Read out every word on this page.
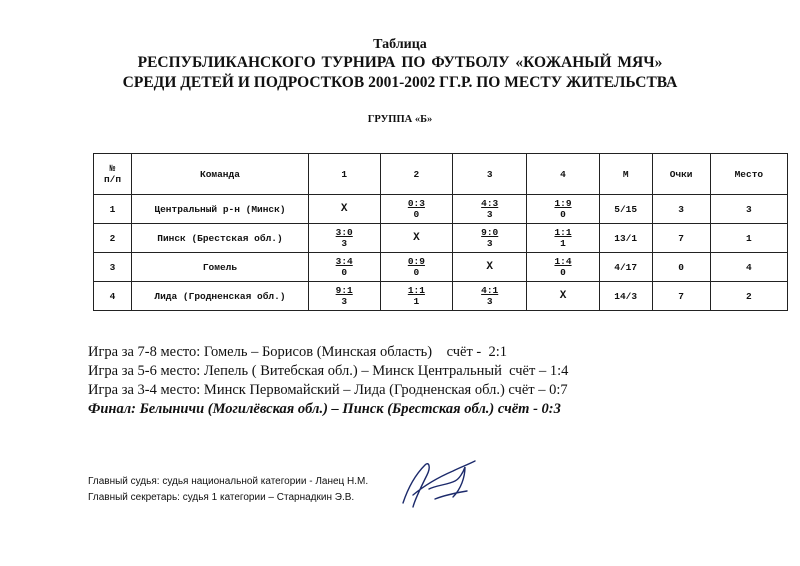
Таблица
РЕСПУБЛИКАНСКОГО ТУРНИРА ПО ФУТБОЛУ «КОЖАНЫЙ МЯЧ»
СРЕДИ ДЕТЕЙ И ПОДРОСТКОВ 2001-2002 ГГ.Р. ПО МЕСТУ ЖИТЕЛЬСТВА
ГРУППА «Б»
№
п/п	Команда	1	2	3	4	М	Очки	Место
1	Центральный р-н (Минск)	Х	$\frac{0:3}{0}$	$\frac{4:3}{3}$	$\frac{1:9}{0}$	5/15	3	3
2	Пинск (Брестская обл.)	$\frac{3:0}{3}$	Х	$\frac{9:0}{3}$	$\frac{1:1}{1}$	13/1	7	1
3	Гомель	$\frac{3:4}{0}$	$\frac{0:9}{0}$	Х	$\frac{1:4}{0}$	4/17	0	4
4	Лида (Гродненская обл.)	$\frac{9:1}{3}$	$\frac{1:1}{1}$	$\frac{4:1}{3}$	Х	14/3	7	2
Игра за 7-8 место: Гомель – Борисов (Минская область)    счёт -  2:1
Игра за 5-6 место: Лепель ( Витебская обл.) – Минск Центральный  счёт – 1:4
Игра за 3-4 место: Минск Первомайский – Лида (Гродненская обл.) счёт – 0:7
Финал: Белыничи (Могилёвская обл.) – Пинск (Брестская обл.) счёт - 0:3
Главный судья: судья национальной категории - Ланец Н.М.
Главный секретарь: судья 1 категории – Старнадкин Э.В.
